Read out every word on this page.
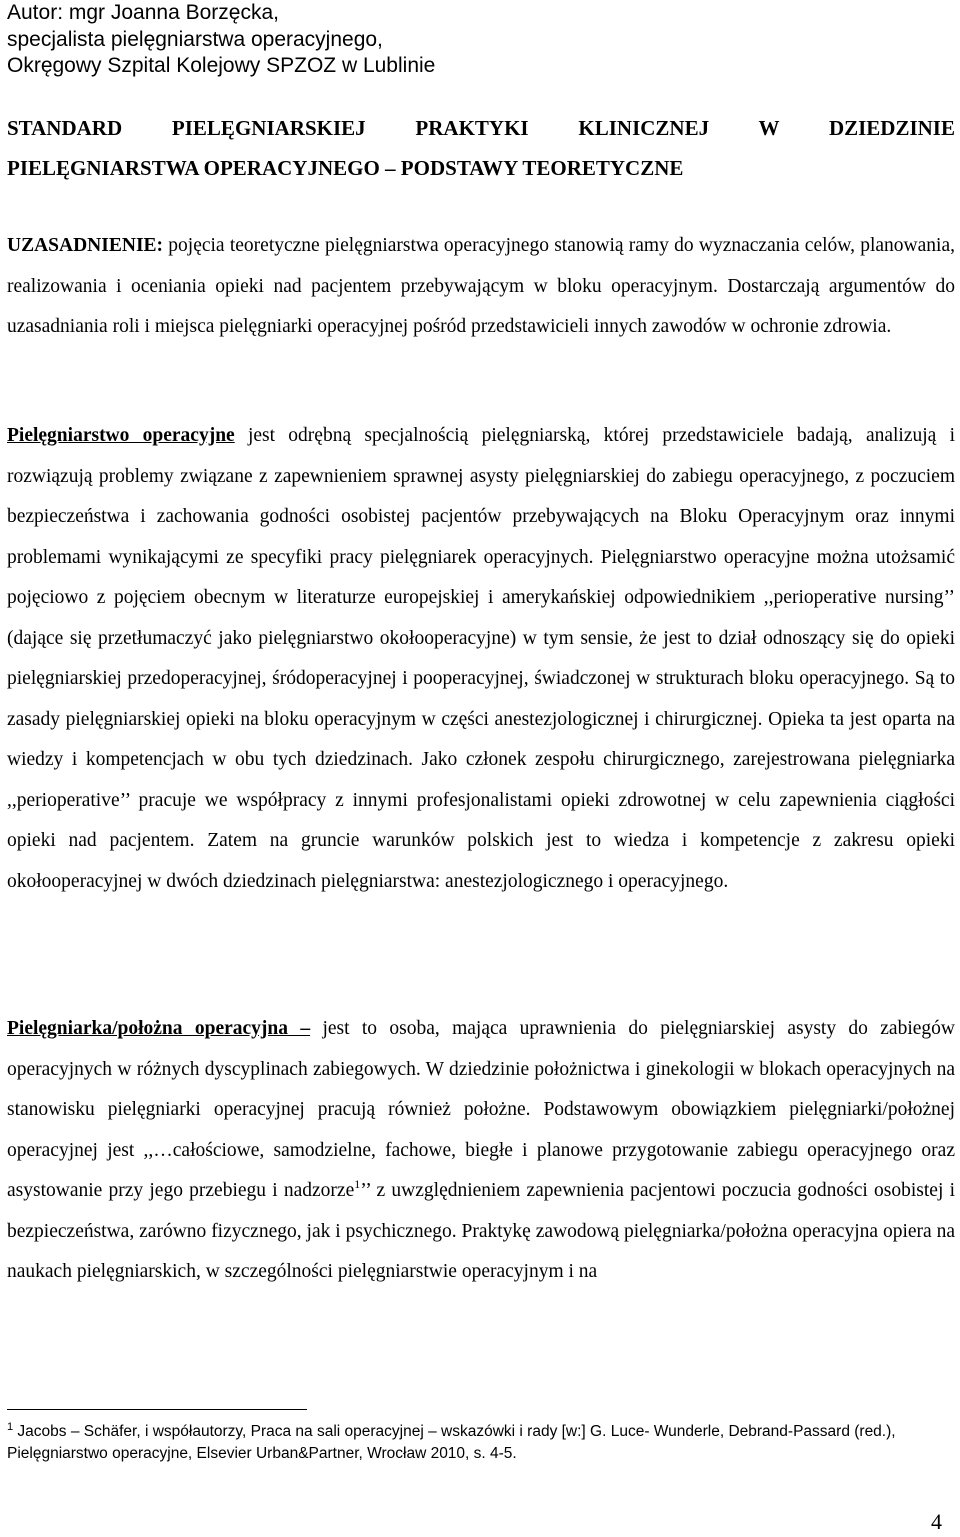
Autor: mgr Joanna Borzęcka,
specjalista pielęgniarstwa operacyjnego,
Okręgowy Szpital Kolejowy SPZOZ w Lublinie
STANDARD PIELĘGNIARSKIEJ PRAKTYKI KLINICZNEJ W DZIEDZINIE
PIELĘGNIARSTWA OPERACYJNEGO – PODSTAWY TEORETYCZNE
UZASADNIENIE: pojęcia teoretyczne pielęgniarstwa operacyjnego stanowią ramy do wyznaczania celów, planowania, realizowania i oceniania opieki nad pacjentem przebywającym w bloku operacyjnym. Dostarczają argumentów do uzasadniania roli i miejsca pielęgniarki operacyjnej pośród przedstawicieli innych zawodów w ochronie zdrowia.
Pielęgniarstwo operacyjne jest odrębną specjalnością pielęgniarską, której przedstawiciele badają, analizują i rozwiązują problemy związane z zapewnieniem sprawnej asysty pielęgniarskiej do zabiegu operacyjnego, z poczuciem bezpieczeństwa i zachowania godności osobistej pacjentów przebywających na Bloku Operacyjnym oraz innymi problemami wynikającymi ze specyfiki pracy pielęgniarek operacyjnych. Pielęgniarstwo operacyjne można utożsamić pojęciowo z pojęciem obecnym w literaturze europejskiej i amerykańskiej odpowiednikiem ,,perioperative nursing’’ (dające się przetłumaczyć jako pielęgniarstwo okołooperacyjne) w tym sensie, że jest to dział odnoszący się do opieki pielęgniarskiej przedoperacyjnej, śródoperacyjnej i pooperacyjnej, świadczonej w strukturach bloku operacyjnego. Są to zasady pielęgniarskiej opieki na bloku operacyjnym w części anestezjologicznej i chirurgicznej. Opieka ta jest oparta na wiedzy i kompetencjach w obu tych dziedzinach. Jako członek zespołu chirurgicznego, zarejestrowana pielęgniarka ,,perioperative’’ pracuje we współpracy z innymi profesjonalistami opieki zdrowotnej w celu zapewnienia ciągłości opieki nad pacjentem. Zatem na gruncie warunków polskich jest to wiedza i kompetencje z zakresu opieki okołooperacyjnej w dwóch dziedzinach pielęgniarstwa: anestezjologicznego i operacyjnego.
Pielęgniarka/położna operacyjna – jest to osoba, mająca uprawnienia do pielęgniarskiej asysty do zabiegów operacyjnych w różnych dyscyplinach zabiegowych. W dziedzinie położnictwa i ginekologii w blokach operacyjnych na stanowisku pielęgniarki operacyjnej pracują również położne. Podstawowym obowiązkiem pielęgniarki/położnej operacyjnej jest ,,…całościowe, samodzielne, fachowe, biegłe i planowe przygotowanie zabiegu operacyjnego oraz asystowanie przy jego przebiegu i nadzorze$^1$’’ z uwzględnieniem zapewnienia pacjentowi poczucia godności osobistej i bezpieczeństwa, zarówno fizycznego, jak i psychicznego. Praktykę zawodową pielęgniarka/położna operacyjna opiera na naukach pielęgniarskich, w szczególności pielęgniarstwie operacyjnym i na
$^1$ Jacobs – Schäfer, i współautorzy, Praca na sali operacyjnej – wskazówki i rady [w:] G. Luce- Wunderle, Debrand-Passard (red.), Pielęgniarstwo operacyjne, Elsevier Urban&Partner, Wrocław 2010, s. 4-5.
4
